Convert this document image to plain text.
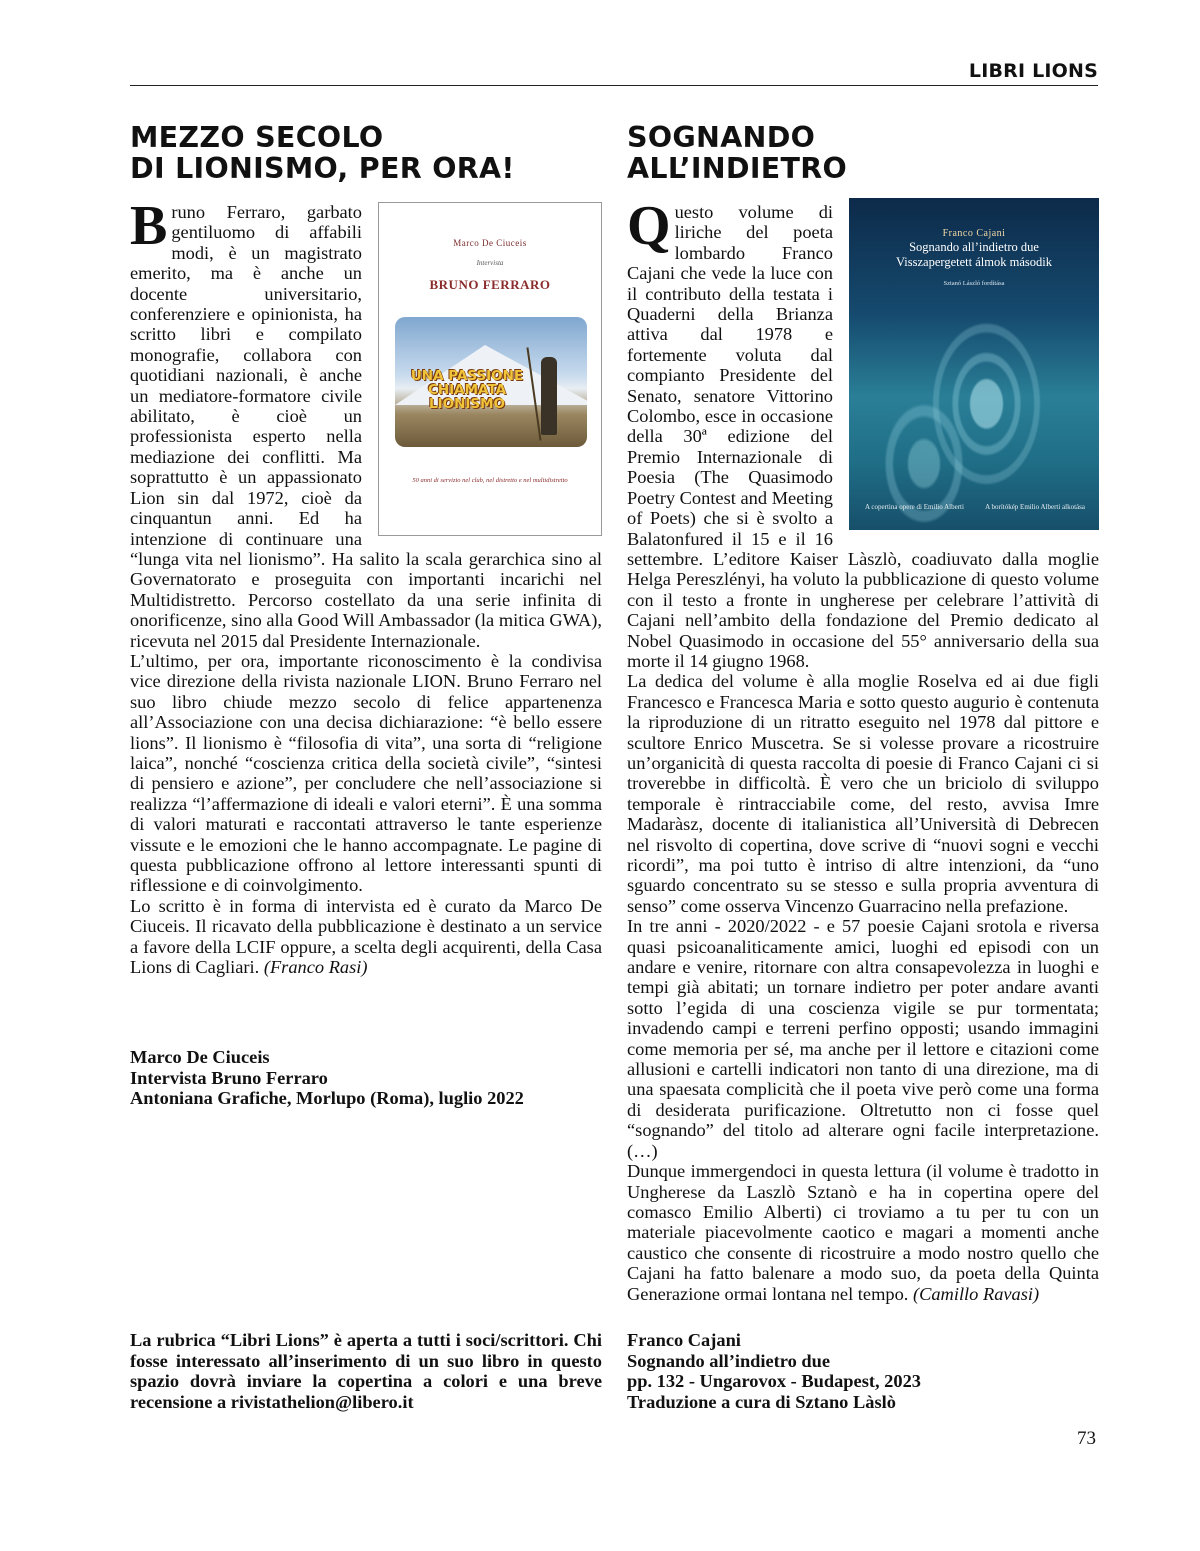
LIBRI LIONS
MEZZO SECOLO
DI LIONISMO, PER ORA!
Marco De Ciuceis
Intervista
BRUNO FERRARO
UNA PASSIONE CHIAMATA LIONISMO
50 anni di servizio nel club, nel distretto e nel multidistretto

Bruno Ferraro, garbato gentiluomo di affabili modi, è un magistrato emerito, ma è anche un docente universitario, conferenziere e opinionista, ha scritto libri e compilato monografie, collabora con quotidiani nazionali, è anche un mediatore-formatore civile abilitato, è cioè un professionista esperto nella mediazione dei conflitti. Ma soprattutto è un appassionato Lion sin dal 1972, cioè da cinquantun anni. Ed ha intenzione di continuare una “lunga vita nel lionismo”. Ha salito la scala gerarchica sino al Governatorato e proseguita con importanti incarichi nel Multidistretto. Percorso costellato da una serie infinita di onorificenze, sino alla Good Will Ambassador (la mitica GWA), ricevuta nel 2015 dal Presidente Internazionale.

L’ultimo, per ora, importante riconoscimento è la condivisa vice direzione della rivista nazionale LION. Bruno Ferraro nel suo libro chiude mezzo secolo di felice appartenenza all’Associazione con una decisa dichiarazione: “è bello essere lions”. Il lionismo è “filosofia di vita”, una sorta di “religione laica”, nonché “coscienza critica della società civile”, “sintesi di pensiero e azione”, per concludere che nell’associazione si realizza “l’affermazione di ideali e valori eterni”. È una somma di valori maturati e raccontati attraverso le tante esperienze vissute e le emozioni che le hanno accompagnate. Le pagine di questa pubblicazione offrono al lettore interessanti spunti di riflessione e di coinvolgimento.

Lo scritto è in forma di intervista ed è curato da Marco De Ciuceis. Il ricavato della pubblicazione è destinato a un service a favore della LCIF oppure, a scelta degli acquirenti, della Casa Lions di Cagliari. (Franco Rasi)

Marco De Ciuceis
Intervista Bruno Ferraro
Antoniana Grafiche, Morlupo (Roma), luglio 2022
SOGNANDO
ALL’INDIETRO
Franco Cajani
Sognando all’indietro due
Visszapergetett álmok második
Sztanó László fordítása
A copertina opere di Emilio Alberti	A borítókép Emilio Alberti alkotása

Questo volume di liriche del poeta lombardo Franco Cajani che vede la luce con il contributo della testata i Quaderni della Brianza attiva dal 1978 e fortemente voluta dal compianto Presidente del Senato, senatore Vittorino Colombo, esce in occasione della 30ª edizione del Premio Internazionale di Poesia (The Quasimodo Poetry Contest and Meeting of Poets) che si è svolto a Balatonfured il 15 e il 16 settembre. L’editore Kaiser Làszlò, coadiuvato dalla moglie Helga Pereszlényi, ha voluto la pubblicazione di questo volume con il testo a fronte in ungherese per celebrare l’attività di Cajani nell’ambito della fondazione del Premio dedicato al Nobel Quasimodo in occasione del 55° anniversario della sua morte il 14 giugno 1968.

La dedica del volume è alla moglie Roselva ed ai due figli Francesco e Francesca Maria e sotto questo augurio è contenuta la riproduzione di un ritratto eseguito nel 1978 dal pittore e scultore Enrico Muscetra. Se si volesse provare a ricostruire un’organicità di questa raccolta di poesie di Franco Cajani ci si troverebbe in difficoltà. È vero che un briciolo di sviluppo temporale è rintracciabile come, del resto, avvisa Imre Madaràsz, docente di italianistica all’Università di Debrecen nel risvolto di copertina, dove scrive di “nuovi sogni e vecchi ricordi”, ma poi tutto è intriso di altre intenzioni, da “uno sguardo concentrato su se stesso e sulla propria avventura di senso” come osserva Vincenzo Guarracino nella prefazione.

In tre anni - 2020/2022 - e 57 poesie Cajani srotola e riversa quasi psicoanaliticamente amici, luoghi ed episodi con un andare e venire, ritornare con altra consapevolezza in luoghi e tempi già abitati; un tornare indietro per poter andare avanti sotto l’egida di una coscienza vigile se pur tormentata; invadendo campi e terreni perfino opposti; usando immagini come memoria per sé, ma anche per il lettore e citazioni come allusioni e cartelli indicatori non tanto di una direzione, ma di una spaesata complicità che il poeta vive però come una forma di desiderata purificazione. Oltretutto non ci fosse quel “sognando” del titolo ad alterare ogni facile interpretazione. (…)

Dunque immergendoci in questa lettura (il volume è tradotto in Ungherese da Laszlò Sztanò e ha in copertina opere del comasco Emilio Alberti) ci troviamo a tu per tu con un materiale piacevolmente caotico e magari a momenti anche caustico che consente di ricostruire a modo nostro quello che Cajani ha fatto balenare a modo suo, da poeta della Quinta Generazione ormai lontana nel tempo. (Camillo Ravasi)

La rubrica “Libri Lions” è aperta a tutti i soci/scrittori. Chi fosse interessato all’inserimento di un suo libro in questo spazio dovrà inviare la copertina a colori e una breve recensione a rivistathelion@libero.it
Franco Cajani
Sognando all’indietro due
pp. 132 - Ungarovox - Budapest, 2023
Traduzione a cura di Sztano Làslò
73
